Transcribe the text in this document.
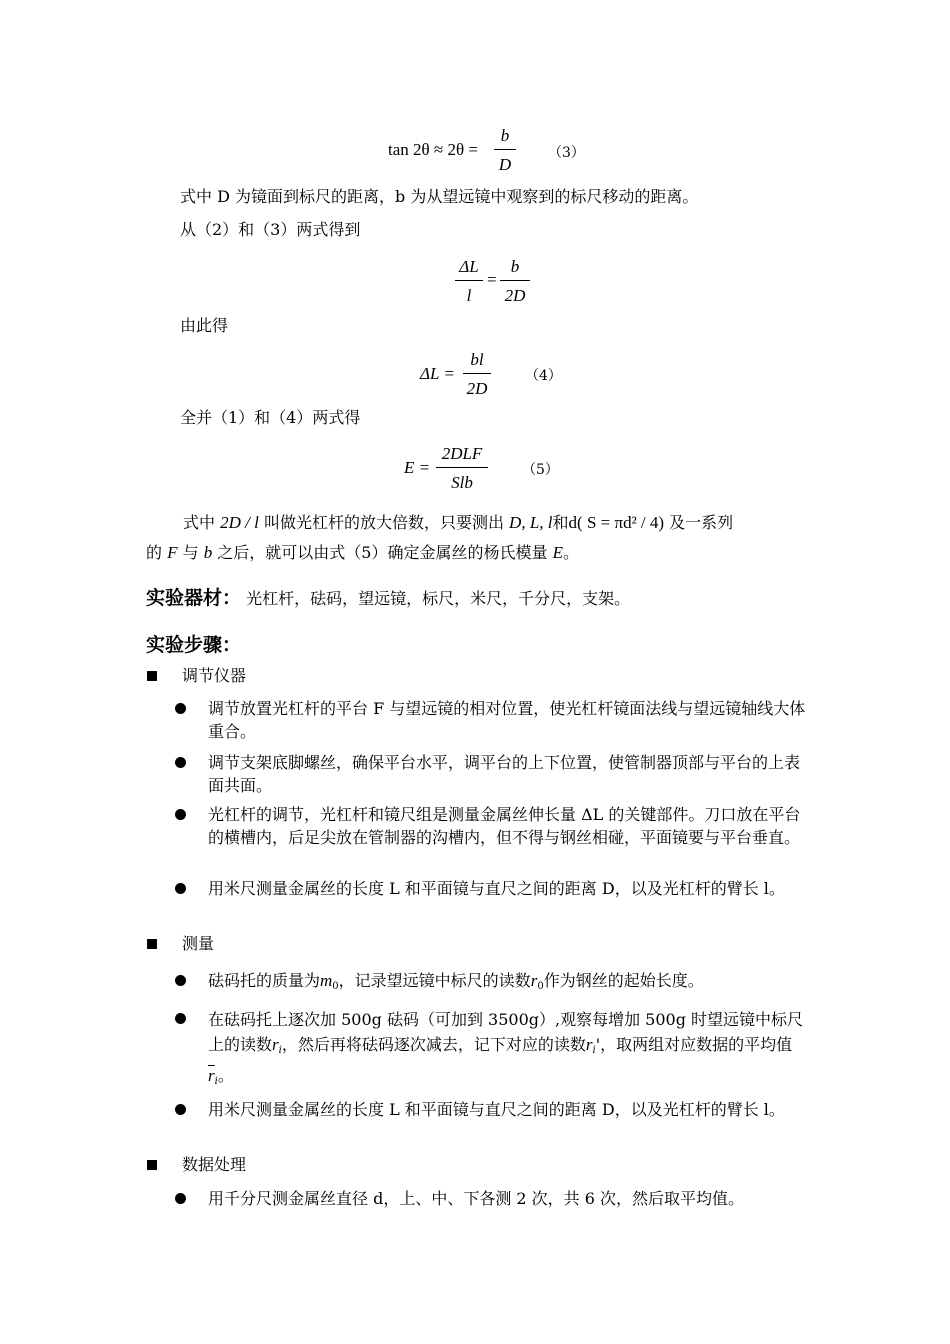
tan 2θ ≈ 2θ =
b
D
（3）
式中 D 为镜面到标尺的距离，b 为从望远镜中观察到的标尺移动的距离。
从（2）和（3）两式得到
ΔL
l
=
b
2D
由此得
ΔL =
bl
2D
（4）
全并（1）和（4）两式得
E =
2DLF
Slb
（5）
式中 2D / l 叫做光杠杆的放大倍数，只要测出 D, L, l和d( S = πd² / 4) 及一系列
的 F 与 b 之后，就可以由式（5）确定金属丝的杨氏模量 E。
实验器材： 光杠杆，砝码，望远镜，标尺，米尺，千分尺，支架。
实验步骤：
调节仪器
调节放置光杠杆的平台 F 与望远镜的相对位置，使光杠杆镜面法线与望远镜轴线大体重合。
调节支架底脚螺丝，确保平台水平，调平台的上下位置，使管制器顶部与平台的上表面共面。
光杠杆的调节，光杠杆和镜尺组是测量金属丝伸长量 ΔL 的关键部件。刀口放在平台的横槽内，后足尖放在管制器的沟槽内，但不得与钢丝相碰，平面镜要与平台垂直。
用米尺测量金属丝的长度 L 和平面镜与直尺之间的距离 D，以及光杠杆的臂长 l。
测量
砝码托的质量为$m_0$，记录望远镜中标尺的读数$r_0$作为钢丝的起始长度。
在砝码托上逐次加 500g 砝码（可加到 3500g）,观察每增加 500g 时望远镜中标尺上的读数$r_i$，然后再将砝码逐次减去，记下对应的读数$r_i'$，取两组对应数据的平均值$\overline{r}_i$。
用米尺测量金属丝的长度 L 和平面镜与直尺之间的距离 D，以及光杠杆的臂长 l。
数据处理
用千分尺测金属丝直径 d，上、中、下各测 2 次，共 6 次，然后取平均值。
